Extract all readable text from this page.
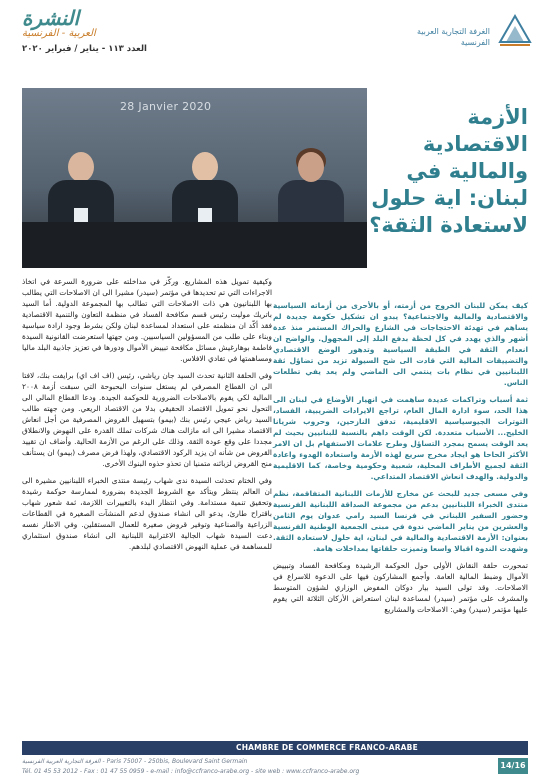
النشرة
العربية - الفرنسية
العدد ١١٣ - يناير / فبراير ٢٠٢٠
الغرفة التجارية العربية الفرنسية
28 Janvier 2020	الأزمة الاقتصادية والمالية في لبنان: اية حلول لاستعادة الثقة؟

كيف يمكن للبنان الخروج من أزمته، أو بالأحرى من أزماته السياسية والاقتصادية والمالية والاجتماعية؟ يبدو ان تشكيل حكومة جديدة لم يساهم في تهدئة الاحتجاجات في الشارع والحراك المستمر منذ عدة أشهر والذي يهدد في كل لحظة بدفع البلد إلى المجهول. والواضح ان انعدام الثقة في الطبقة السياسية وتدهور الوضع الاقتصادي والتضييقات المالية التي قادت الى شح السيولة تزيد من تضاؤل ثقة اللبنانيين في نظام بات ينتمي الى الماضي ولم يعد يفي تطلعات الناس.

ثمة أسباب وتراكمات عديدة ساهمت في انهيار الأوضاع في لبنان الى هذا الحد، سوء ادارة المال العام، تراجع الايرادات الضريبية، الفساد، التوترات الجيوسياسية الاقليمية، تدفق النازحين، وحروب شريانا الخليج... الأسباب متعددة. لكن الوقت داهم بالنسبة للبنانيين بحيث لم يعد الوقت يسمح بمجرد التساؤل وطرح علامات الاستفهام بل ان الامر الأكثر الحاحا هو ايجاد مخرج سريع لهذه الأزمة واستعادة الهدوء واعادة الثقة لجميع الأطراف المحلية، شعبية وحكومية وخاصة، كما الاقليمية والدولية. والهدف انعاش الاقتصاد المتداعي.

وفي مسعى جديد للبحث عن مخارج للأزمات اللبنانية المتفاقمة، نظم منتدى الخبراء اللبنانيين بدعم من مجموعة الصداقة اللبنانية الفرنسية وحضور السفير اللبناني في فرنسا السيد رامي عدوان يوم الثامن والعشرين من يناير الماضي ندوة في مبنى الجمعية الوطنية الفرنسية بعنوان: الأزمة الاقتصادية والمالية في لبنان، اية حلول لاستعادة الثقة. وشهدت الندوة اقبالا واسعا وتميزت حلقاتها بمداخلات هامة.

تمحورت حلقة النقاش الأولى حول الحوكمة الرشيدة ومكافحة الفساد وتبييض الأموال وضبط المالية العامة. وأجمع المشاركون فيها على الدعوة للاسراع في الاصلاحات. وقد تولى السيد بيار دوكان المفوض الوزاري لشؤون المتوسط والمشرف على مؤتمر (سيدر) لمساعدة لبنان استعراض الأركان الثلاثة التي يقوم عليها مؤتمر (سيدر) وهي: الاصلاحات والمشاريع

وكيفية تمويل هذه المشاريع. وركّز في مداخلته على ضرورة السرعة في اتخاذ الاجراءات التي تم تحديدها في مؤتمر (سيدر) مشيرا الى ان الاصلاحات التي يطالب بها اللبنانيون هي ذات الاصلاحات التي تطالب بها المجموعة الدولية. أما السيد باتريك موليت رئيس قسم مكافحة الفساد في منظمة التعاون والتنمية الاقتصادية فقد أكّد ان منظمته على استعداد لمساعدة لبنان ولكن بشرط وجود ارادة سياسية وبناء على طلب من المسؤولين السياسيين. ومن جهتها استعرضت القانونية السيدة فاطمة بوهارغيش مسائل مكافحة تبييض الأموال ودورها في تعزيز جاذبية البلد ماليا ومساهمتها في تفادي الافلاس.

وفي الحلقة الثانية تحدث السيد جان رياشي، رئيس (اف اف اي) برايفت بنك، لافتا الى ان القطاع المصرفي لم يستغل سنوات البحبوحة التي سبقت أزمة ٢٠٠٨ المالية لكي يقوم بالاصلاحات الضرورية للحوكمة الجيدة. ودعا القطاع المالي الى التحول نحو تمويل الاقتصاد الحقيقي بدلا من الاقتصاد الريعي. ومن جهته طالب السيد رياض عيجي رئيس بنك (بيمو) بتسهيل القروض المصرفية من أجل انعاش الاقتصاد مشيرا الى انه مازالت هناك شركات تملك القدرة على النهوض والانطلاق مجددا على وقع عودة الثقة. وذلك على الرغم من الأزمة الحالية. وأضاف ان تقييد القروض من شأنه ان يزيد الركود الاقتصادي، ولهذا فرض مصرف (بيمو) ان يستأنف منح القروض لزبائنه متمنيا ان تحذو حذوه البنوك الأخرى.

وفي الختام تحدثت السيدة ندى شهاب رئيسة منتدى الخبراء اللبنانيين مشيرة الى ان العالم ينتظر ويتأكد مع الشروط الجديدة بضرورة لممارسة حوكمة رشيدة وتحقيق تنمية مستدامة. وفي انتظار البدء بالتغييرات اللازمة، ثمة شعور شهاب باقتراح طارئ، يدعو الى انشاء صندوق لدعم المنشآت الصغيرة في القطاعات الزراعية والصناعية وتوفير قروض صغيرة للعمال المستقلين. وفي الاطار نفسه دعت السيدة شهاب الجالية الاغترابية اللبنانية الى انشاء صندوق استثماري للمساهمة في عملية النهوض الاقتصادي لبلدهم.

CHAMBRE DE COMMERCE FRANCO-ARABE
الغرفة التجارية العربية الفرنسية - Paris 75007 - 250bis, Boulevard Saint Germain
Tél. 01 45 53 2012 - Fax : 01 47 55 0959 - e-mail : info@ccfranco-arabe.org - site web : www.ccfranco-arabe.org
14/16
